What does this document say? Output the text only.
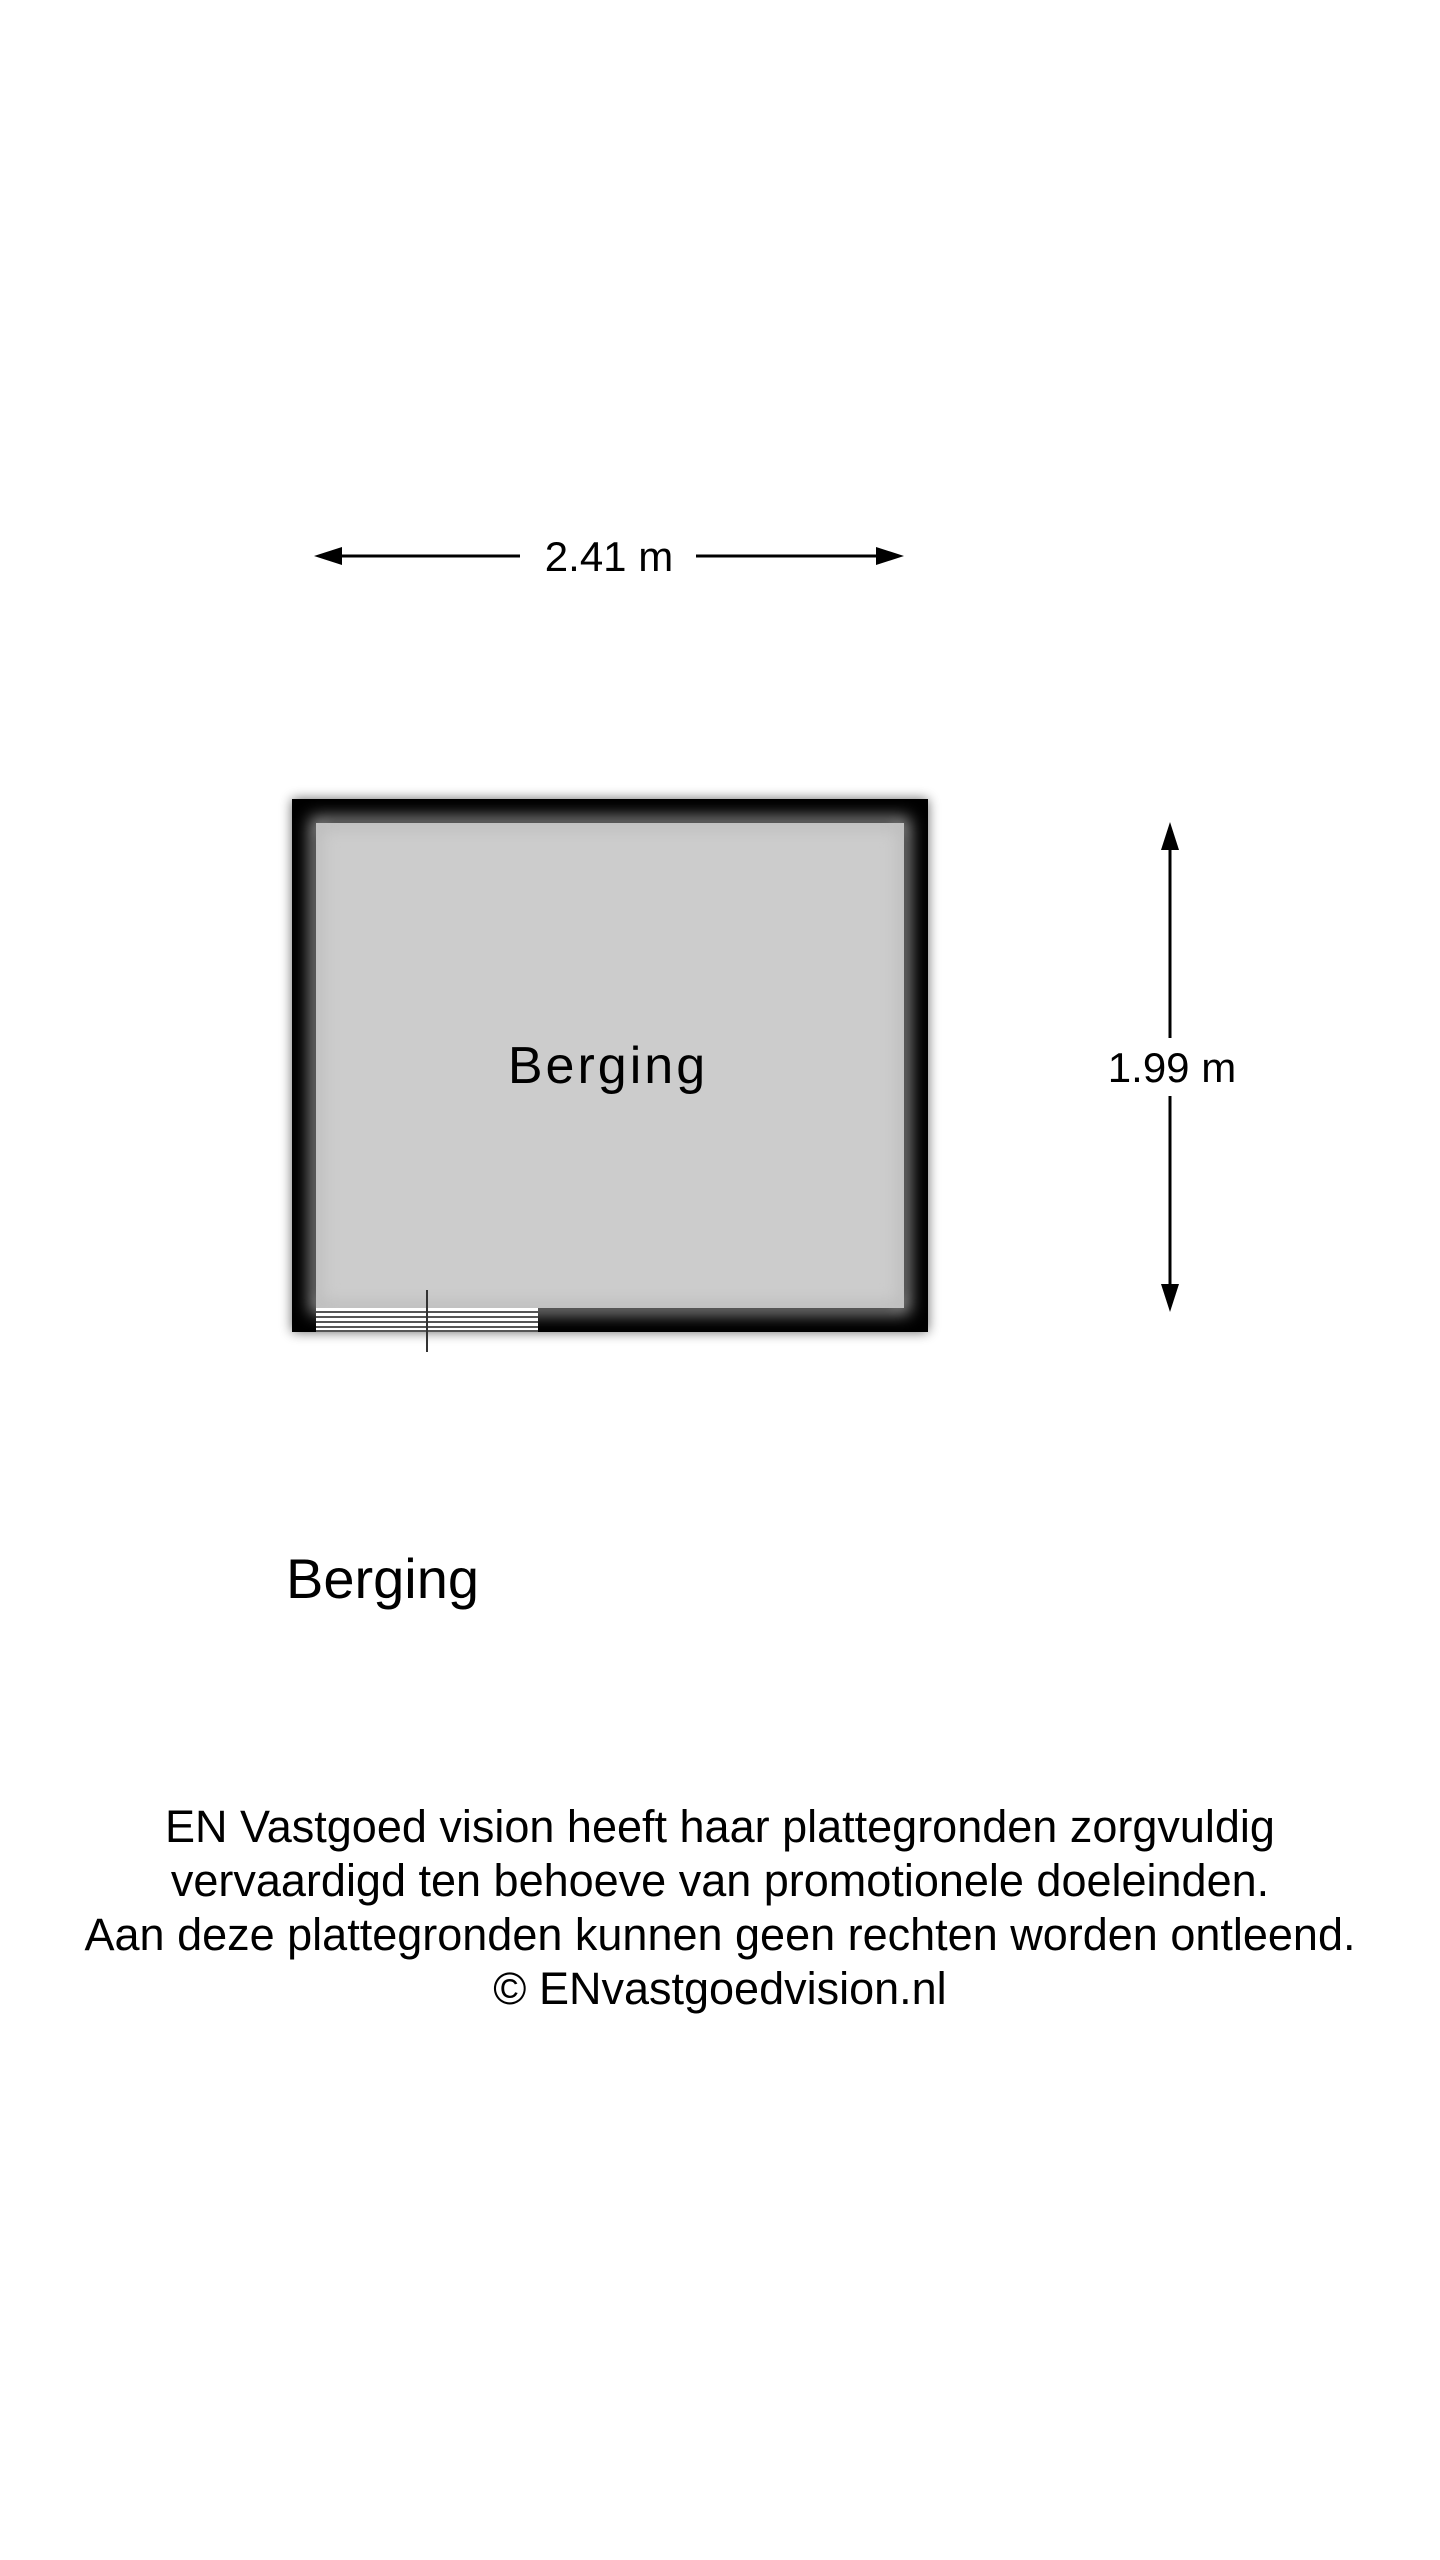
2.41 m
Berging	1.99 m
Berging
EN Vastgoed vision heeft haar plattegronden zorgvuldig
vervaardigd ten behoeve van promotionele doeleinden.
Aan deze plattegronden kunnen geen rechten worden ontleend.
© ENvastgoedvision.nl
